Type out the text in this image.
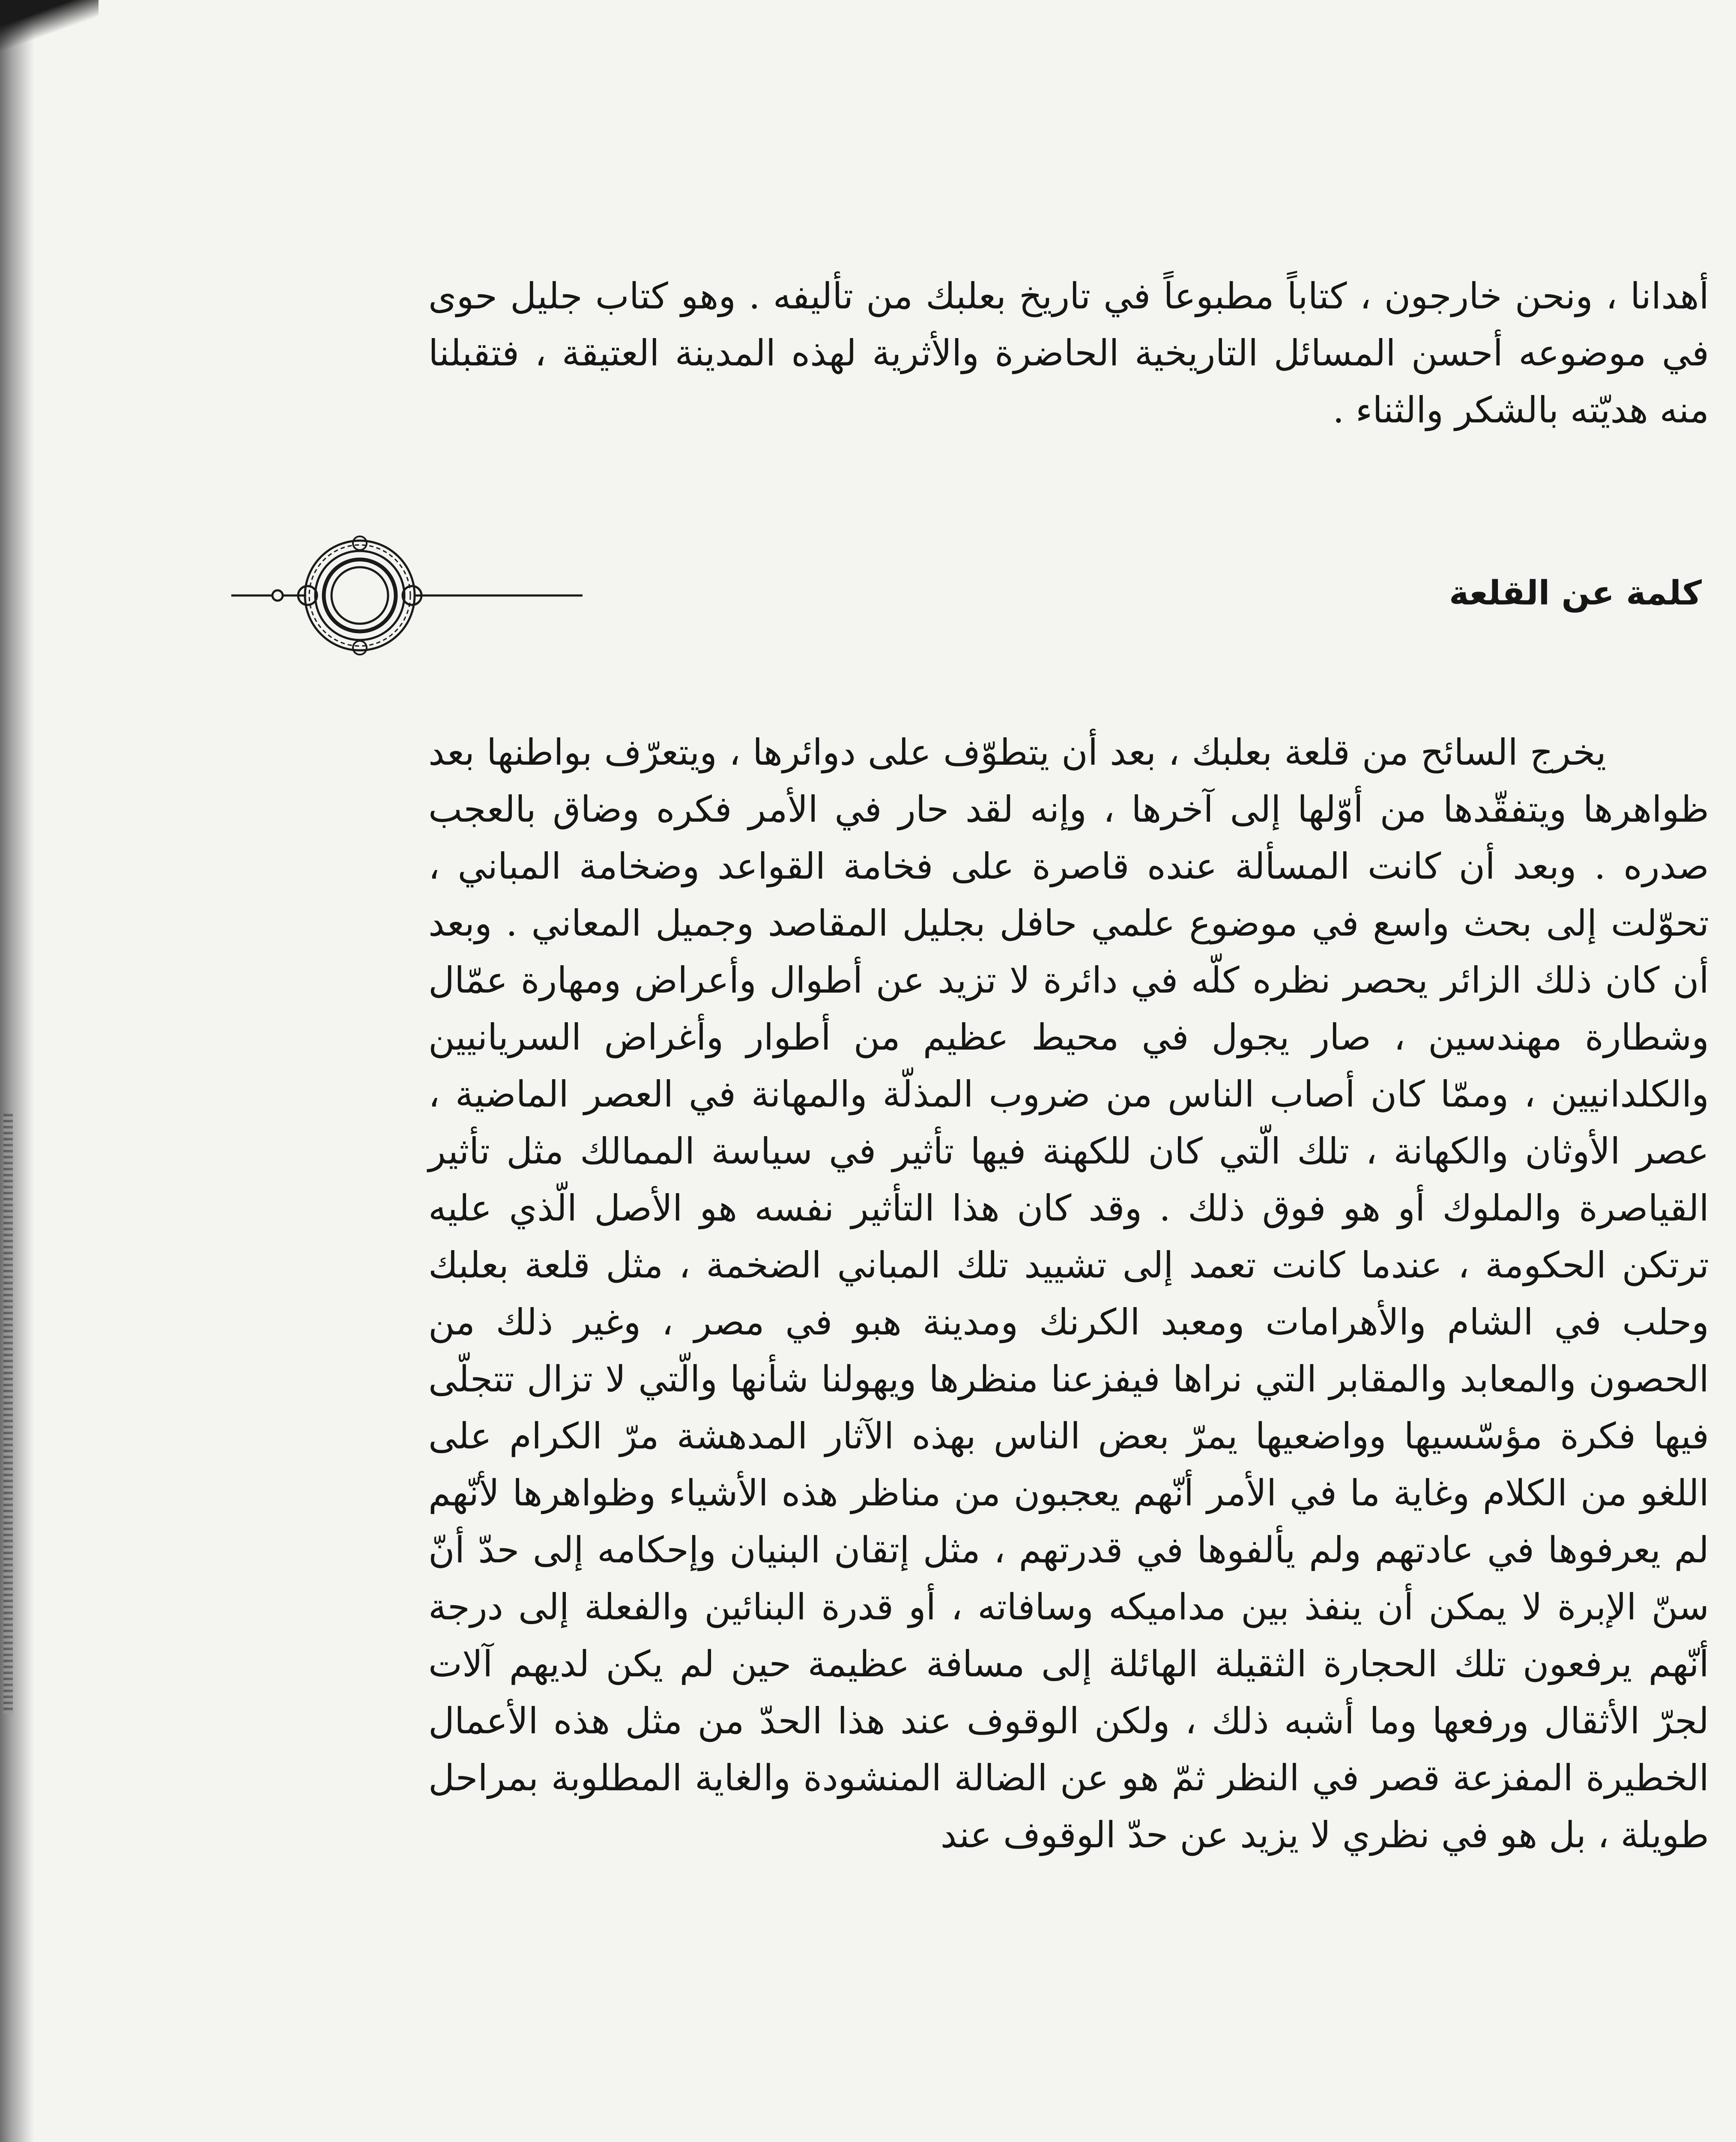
أهدانا ، ونحن خارجون ، كتاباً مطبوعاً في تاريخ بعلبك من تأليفه . وهو كتاب جليل حوى في موضوعه أحسن المسائل التاريخية الحاضرة والأثرية لهذه المدينة العتيقة ، فتقبلنا منه هديّته بالشكر والثناء .

كلمة عن القلعة

يخرج السائح من قلعة بعلبك ، بعد أن يتطوّف على دوائرها ، ويتعرّف بواطنها بعد ظواهرها ويتفقّدها من أوّلها إلى آخرها ، وإنه لقد حار في الأمر فكره وضاق بالعجب صدره . وبعد أن كانت المسألة عنده قاصرة على فخامة القواعد وضخامة المباني ، تحوّلت إلى بحث واسع في موضوع علمي حافل بجليل المقاصد وجميل المعاني . وبعد أن كان ذلك الزائر يحصر نظره كلّه في دائرة لا تزيد عن أطوال وأعراض ومهارة عمّال وشطارة مهندسين ، صار يجول في محيط عظيم من أطوار وأغراض السريانيين والكلدانيين ، وممّا كان أصاب الناس من ضروب المذلّة والمهانة في العصر الماضية ، عصر الأوثان والكهانة ، تلك الّتي كان للكهنة فيها تأثير في سياسة الممالك مثل تأثير القياصرة والملوك أو هو فوق ذلك . وقد كان هذا التأثير نفسه هو الأصل الّذي عليه ترتكن الحكومة ، عندما كانت تعمد إلى تشييد تلك المباني الضخمة ، مثل قلعة بعلبك وحلب في الشام والأهرامات ومعبد الكرنك ومدينة هبو في مصر ، وغير ذلك من الحصون والمعابد والمقابر التي نراها فيفزعنا منظرها ويهولنا شأنها والّتي لا تزال تتجلّى فيها فكرة مؤسّسيها وواضعيها يمرّ بعض الناس بهذه الآثار المدهشة مرّ الكرام على اللغو من الكلام وغاية ما في الأمر أنّهم يعجبون من مناظر هذه الأشياء وظواهرها لأنّهم لم يعرفوها في عادتهم ولم يألفوها في قدرتهم ، مثل إتقان البنيان وإحكامه إلى حدّ أنّ سنّ الإبرة لا يمكن أن ينفذ بين مداميكه وسافاته ، أو قدرة البنائين والفعلة إلى درجة أنّهم يرفعون تلك الحجارة الثقيلة الهائلة إلى مسافة عظيمة حين لم يكن لديهم آلات لجرّ الأثقال ورفعها وما أشبه ذلك ، ولكن الوقوف عند هذا الحدّ من مثل هذه الأعمال الخطيرة المفزعة قصر في النظر ثمّ هو عن الضالة المنشودة والغاية المطلوبة بمراحل طويلة ، بل هو في نظري لا يزيد عن حدّ الوقوف عند
